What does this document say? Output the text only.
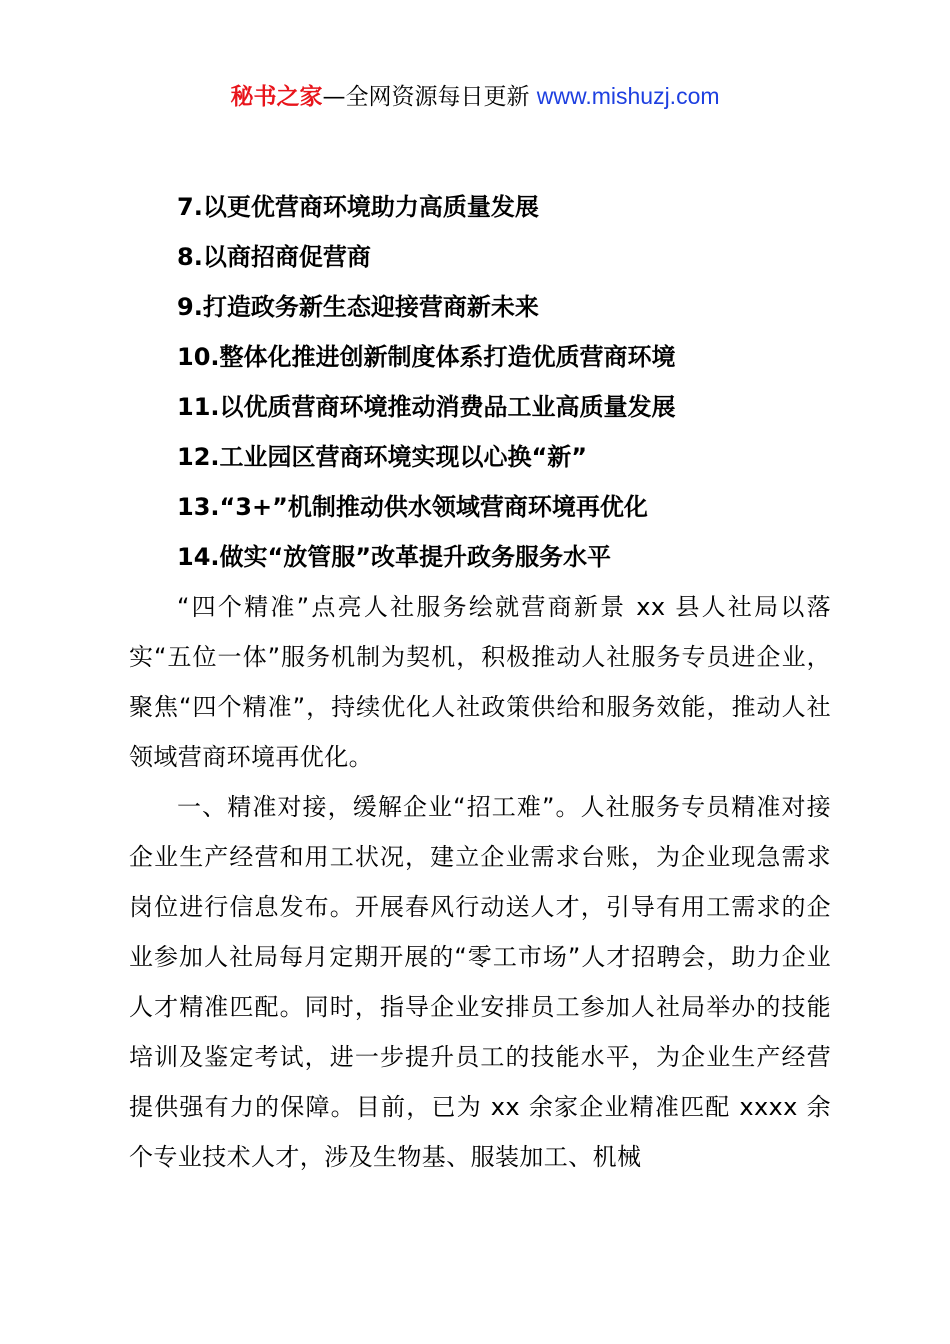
秘书之家—全网资源每日更新 www.mishuzj.com
7.以更优营商环境助力高质量发展
8.以商招商促营商
9.打造政务新生态迎接营商新未来
10.整体化推进创新制度体系打造优质营商环境
11.以优质营商环境推动消费品工业高质量发展
12.工业园区营商环境实现以心换“新”
13.“3+”机制推动供水领域营商环境再优化
14.做实“放管服”改革提升政务服务水平

“四个精准”点亮人社服务绘就营商新景 xx 县人社局以落实“五位一体”服务机制为契机，积极推动人社服务专员进企业，聚焦“四个精准”，持续优化人社政策供给和服务效能，推动人社领域营商环境再优化。

一、精准对接，缓解企业“招工难”。人社服务专员精准对接企业生产经营和用工状况，建立企业需求台账，为企业现急需求岗位进行信息发布。开展春风行动送人才，引导有用工需求的企业参加人社局每月定期开展的“零工市场”人才招聘会，助力企业人才精准匹配。同时，指导企业安排员工参加人社局举办的技能培训及鉴定考试，进一步提升员工的技能水平，为企业生产经营提供强有力的保障。目前，已为 xx 余家企业精准匹配 xxxx 余个专业技术人才，涉及生物基、服装加工、机械
